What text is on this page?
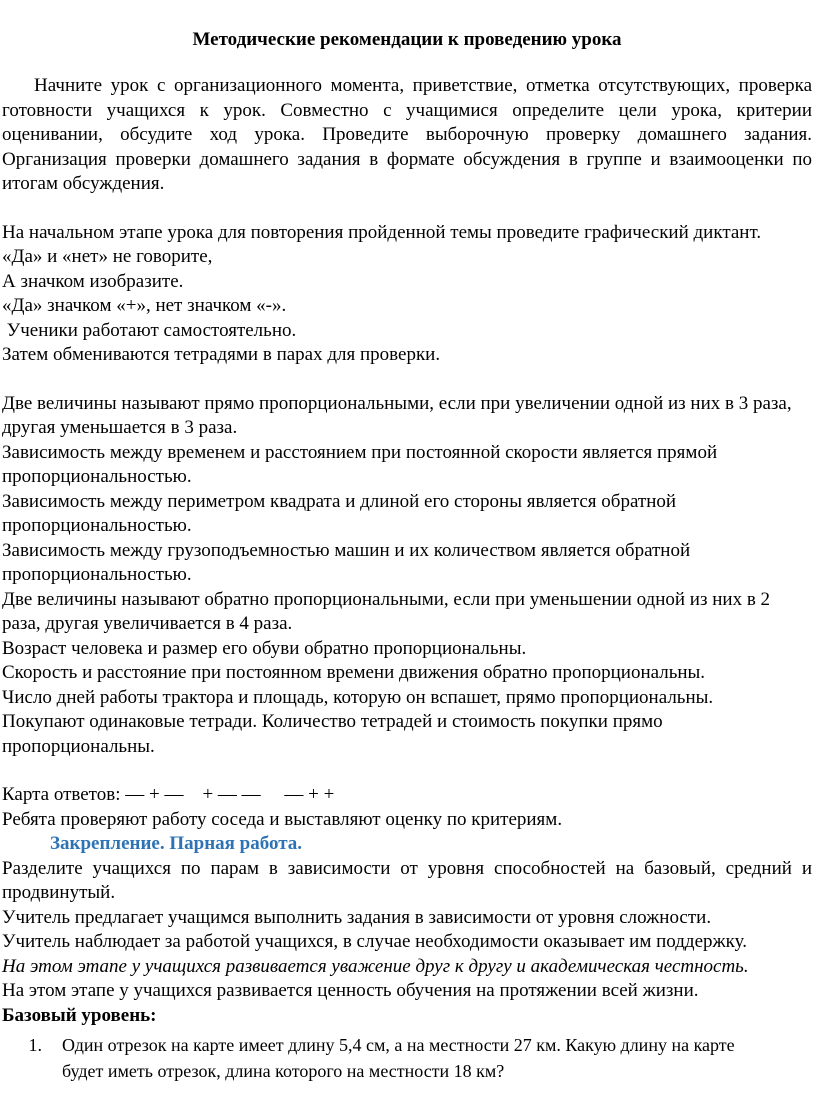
Методические рекомендации к проведению урока

Начните урок с организационного момента, приветствие, отметка отсутствующих, проверка готовности учащихся к урок. Совместно с учащимися определите цели урока, критерии оценивании, обсудите ход урока. Проведите выборочную проверку домашнего задания. Организация проверки домашнего задания в формате обсуждения в группе и взаимооценки по итогам обсуждения.

На начальном этапе урока для повторения пройденной темы проведите графический диктант.

«Да» и «нет» не говорите,

А значком изобразите.

«Да» значком «+», нет значком «-».

Ученики работают самостоятельно.

Затем обмениваются тетрадями в парах для проверки.

Две величины называют прямо пропорциональными, если при увеличении одной из них в 3 раза, другая уменьшается в 3 раза.

Зависимость между временем и расстоянием при постоянной скорости является прямой пропорциональностью.

Зависимость между периметром квадрата и длиной его стороны является обратной пропорциональностью.

Зависимость между грузоподъемностью машин и их количеством является обратной пропорциональностью.

Две величины называют обратно пропорциональными, если при уменьшении одной из них в 2 раза, другая увеличивается в 4 раза.

Возраст человека и размер его обуви обратно пропорциональны.

Скорость и расстояние при постоянном времени движения обратно пропорциональны.

Число дней работы трактора и площадь, которую он вспашет, прямо пропорциональны.

Покупают одинаковые тетради. Количество тетрадей и стоимость покупки прямо пропорциональны.

Карта ответов: — + —    + — —     — + +

Ребята проверяют работу соседа и выставляют оценку по критериям.

Закрепление. Парная работа.

Разделите учащихся по парам в зависимости от уровня способностей на базовый, средний и продвинутый.

Учитель предлагает учащимся выполнить задания в зависимости от уровня сложности.

Учитель наблюдает за работой учащихся, в случае необходимости оказывает им поддержку.

На этом этапе у учащихся развивается уважение друг к другу и академическая честность.

На этом этапе у учащихся развивается ценность обучения на протяжении всей жизни.

Базовый уровень:

1.	Один отрезок на карте имеет длину 5,4 см, а на местности 27 км. Какую длину на карте будет иметь отрезок, длина которого на местности 18 км?
